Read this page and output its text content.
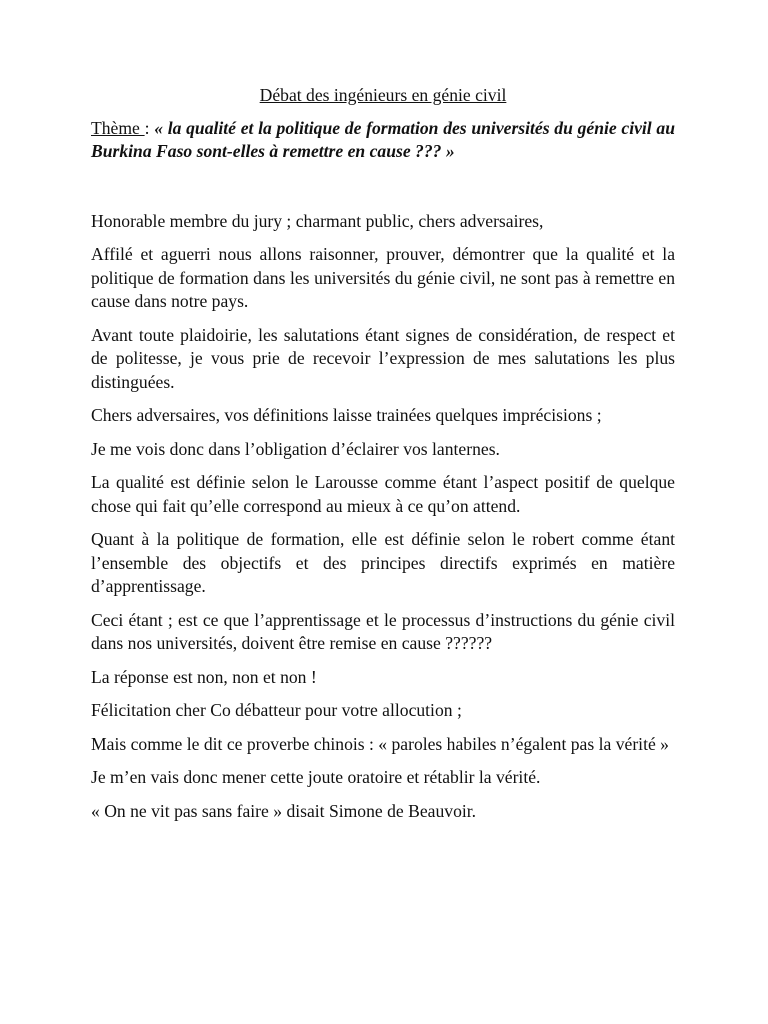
Débat des ingénieurs en génie civil

Thème : « la qualité et la politique de formation des universités du génie civil au Burkina Faso sont-elles à remettre en cause ??? »

Honorable membre du jury ; charmant public, chers adversaires,

Affilé et aguerri nous allons raisonner, prouver, démontrer que la qualité et la politique de formation dans les universités du génie civil, ne sont pas à remettre en cause dans notre pays.

Avant toute plaidoirie, les salutations étant signes de considération, de respect et de politesse, je vous prie de recevoir l’expression de mes salutations les plus distinguées.

Chers adversaires, vos définitions laisse trainées quelques imprécisions ;

Je me vois donc dans l’obligation d’éclairer vos lanternes.

La qualité est définie selon le Larousse comme étant l’aspect positif de quelque chose qui fait qu’elle correspond au mieux à ce qu’on attend.

Quant à la politique de formation, elle est définie selon le robert comme étant l’ensemble des objectifs et des principes directifs exprimés en matière d’apprentissage.

Ceci étant ; est ce que l’apprentissage et le processus d’instructions du génie civil dans nos universités, doivent être remise en cause ??????

La réponse est non, non et non !

Félicitation cher Co débatteur pour votre allocution ;

Mais comme le dit ce proverbe chinois : « paroles habiles n’égalent pas la vérité »

Je m’en vais donc mener cette joute oratoire et rétablir la vérité.

« On ne vit pas sans faire » disait Simone de Beauvoir.
